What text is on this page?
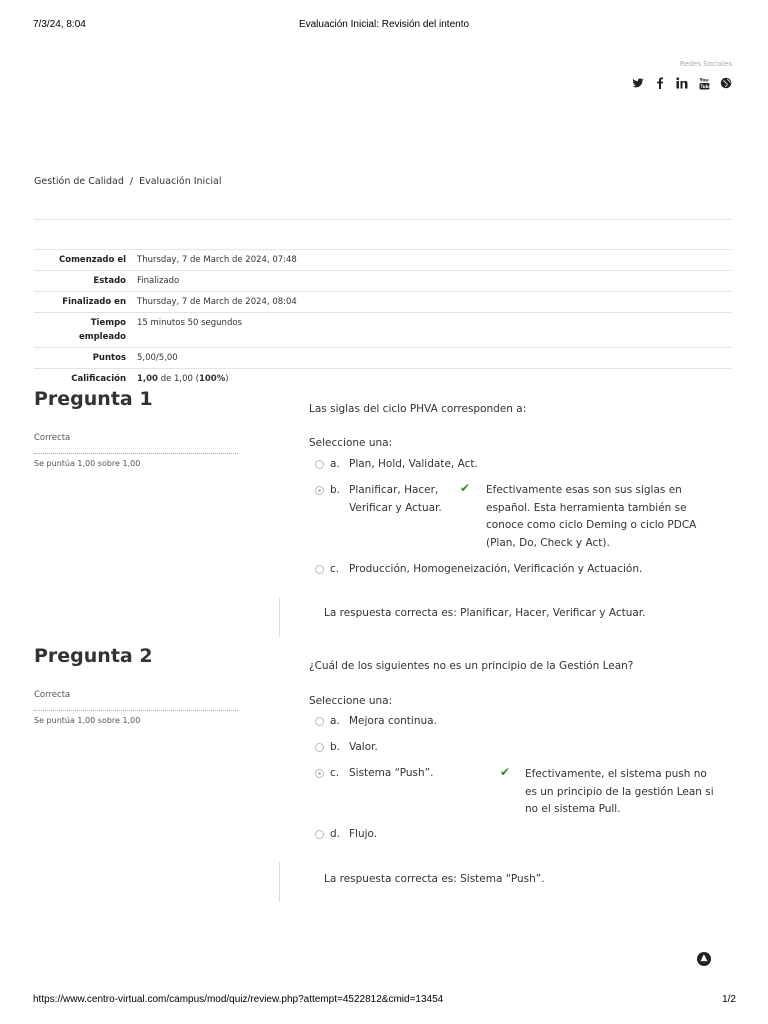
7/3/24, 8:04	Evaluación Inicial: Revisión del intento
Redes Sociales
You
Tube
Gestión de Calidad / Evaluación Inicial
Comenzado el	Thursday, 7 de March de 2024, 07:48
Estado	Finalizado
Finalizado en	Thursday, 7 de March de 2024, 08:04
Tiempo empleado	15 minutos 50 segundos
Puntos	5,00/5,00
Calificación	1,00 de 1,00 (100%)
Pregunta 1
Correcta
Se puntúa 1,00 sobre 1,00
Las siglas del ciclo PHVA corresponden a:
Seleccione una:
a. Plan, Hold, Validate, Act.
b. Planificar, Hacer,
Verificar y Actuar.
✔ Efectivamente esas son sus siglas en
español. Esta herramienta también se
conoce como ciclo Deming o ciclo PDCA
(Plan, Do, Check y Act).
c. Producción, Homogeneización, Verificación y Actuación.
La respuesta correcta es: Planificar, Hacer, Verificar y Actuar.
Pregunta 2
Correcta
Se puntúa 1,00 sobre 1,00
¿Cuál de los siguientes no es un principio de la Gestión Lean?
Seleccione una:
a. Mejora continua.
b. Valor.
c. Sistema “Push”.	✔ Efectivamente, el sistema push no
es un principio de la gestión Lean si
no el sistema Pull.
d. Flujo.
La respuesta correcta es: Sistema “Push”.
▲
https://www.centro-virtual.com/campus/mod/quiz/review.php?attempt=4522812&cmid=13454	1/2
